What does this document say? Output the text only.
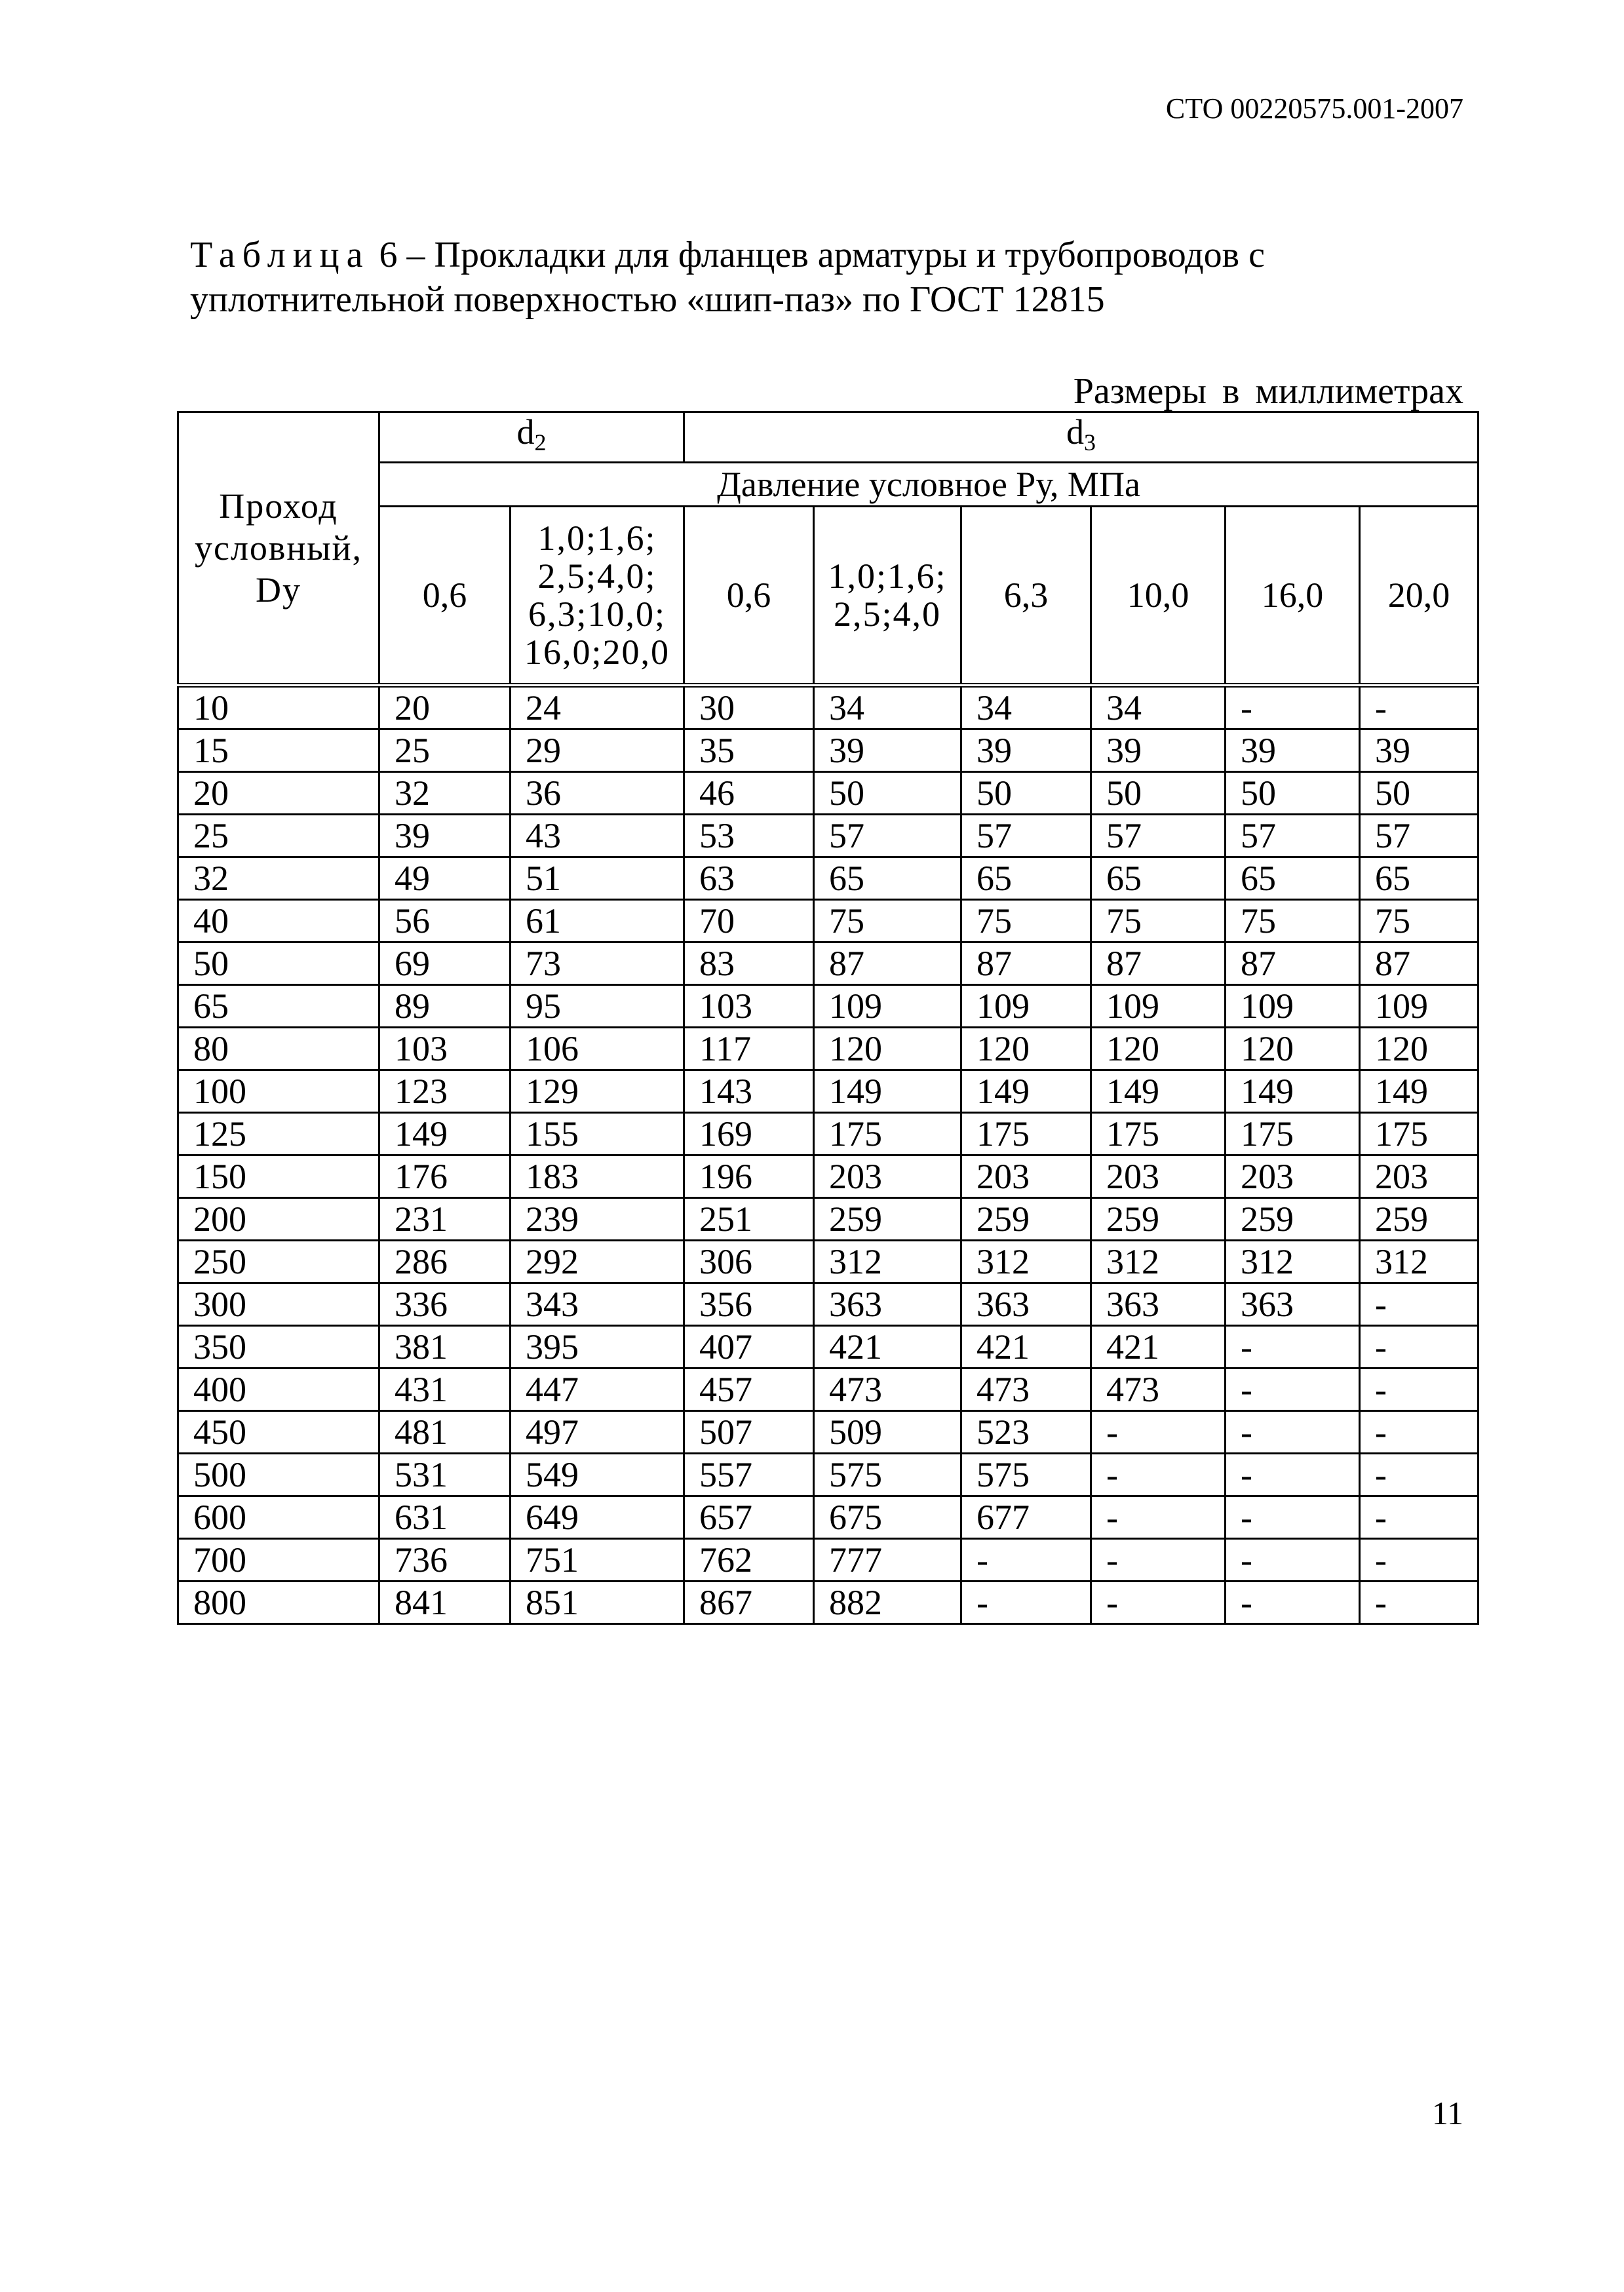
СТО 00220575.001-2007
Таблица 6 – Прокладки для фланцев арматуры и трубопроводов с уплотнительной поверхностью «шип-паз» по ГОСТ 12815
Размеры в миллиметрах
Проход условный, Dy	$d_2$		$d_3$
	Давление условное Ру, МПа							
	0,6	1,0;1,6; 2,5;4,0; 6,3;10,0; 16,0;20,0	0,6	1,0;1,6; 2,5;4,0	6,3	10,0	16,0	20,0
10	20	24	30	34	34	34	-	-
15	25	29	35	39	39	39	39	39
20	32	36	46	50	50	50	50	50
25	39	43	53	57	57	57	57	57
32	49	51	63	65	65	65	65	65
40	56	61	70	75	75	75	75	75
50	69	73	83	87	87	87	87	87
65	89	95	103	109	109	109	109	109
80	103	106	117	120	120	120	120	120
100	123	129	143	149	149	149	149	149
125	149	155	169	175	175	175	175	175
150	176	183	196	203	203	203	203	203
200	231	239	251	259	259	259	259	259
250	286	292	306	312	312	312	312	312
300	336	343	356	363	363	363	363	-
350	381	395	407	421	421	421	-	-
400	431	447	457	473	473	473	-	-
450	481	497	507	509	523	-	-	-
500	531	549	557	575	575	-	-	-
600	631	649	657	675	677	-	-	-
700	736	751	762	777	-	-	-	-
800	841	851	867	882	-	-	-	-
11
